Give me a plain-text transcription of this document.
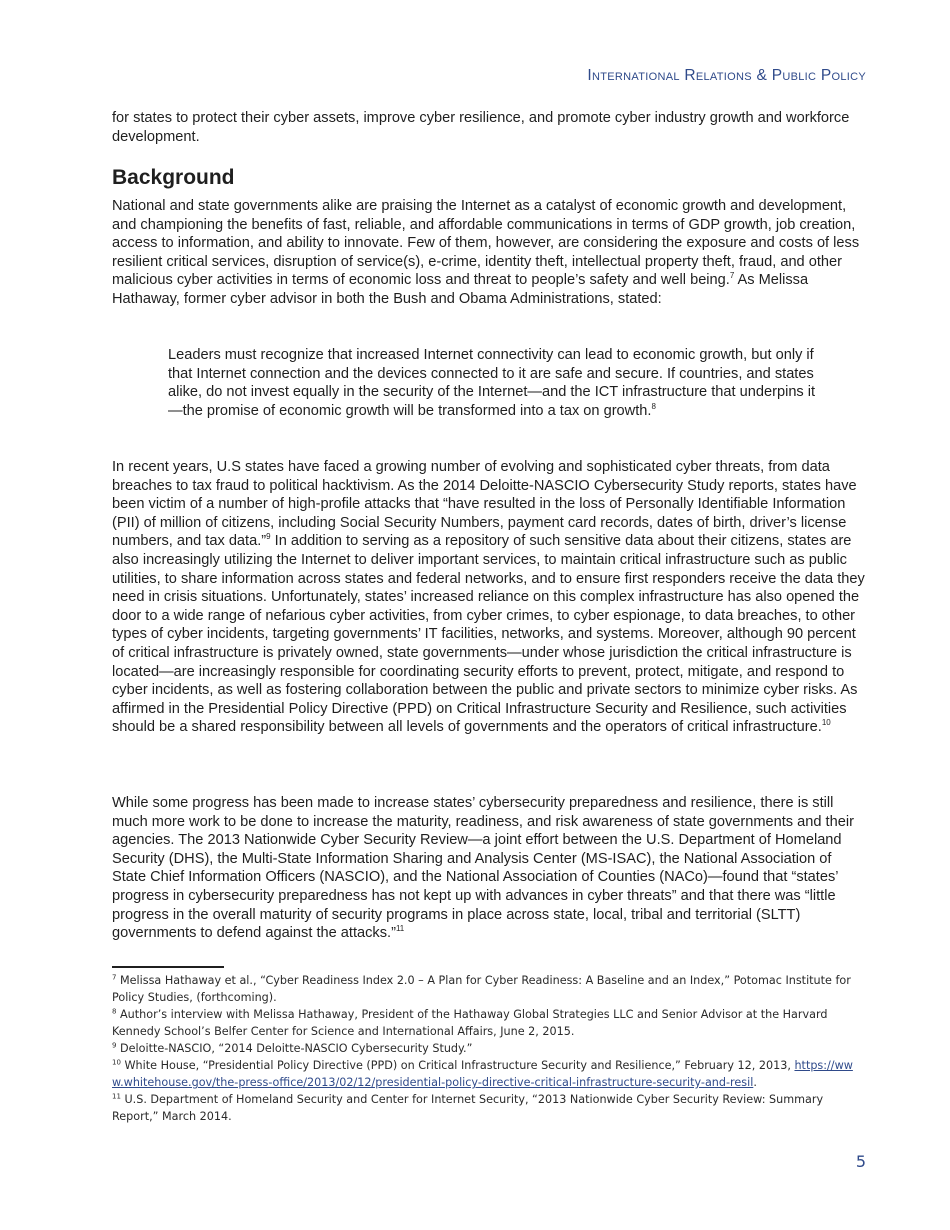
International Relations & Public Policy

for states to protect their cyber assets, improve cyber resilience, and promote cyber industry growth and workforce development.

Background

National and state governments alike are praising the Internet as a catalyst of economic growth and development, and championing the benefits of fast, reliable, and affordable communications in terms of GDP growth, job creation, access to information, and ability to innovate. Few of them, however, are considering the exposure and costs of less resilient critical services, disruption of service(s), e-crime, identity theft, intellectual property theft, fraud, and other malicious cyber activities in terms of economic loss and threat to people’s safety and well being.$^7$ As Melissa Hathaway, former cyber advisor in both the Bush and Obama Administrations, stated:

Leaders must recognize that increased Internet connectivity can lead to economic growth, but only if that Internet connection and the devices connected to it are safe and secure. If countries, and states alike, do not invest equally in the security of the Internet—and the ICT infrastructure that underpins it—the promise of economic growth will be transformed into a tax on growth.$^8$

In recent years, U.S states have faced a growing number of evolving and sophisticated cyber threats, from data breaches to tax fraud to political hacktivism. As the 2014 Deloitte-NASCIO Cybersecurity Study reports, states have been victim of a number of high-profile attacks that “have resulted in the loss of Personally Identifiable Information (PII) of million of citizens, including Social Security Numbers, payment card records, dates of birth, driver’s license numbers, and tax data.”$^9$ In addition to serving as a repository of such sensitive data about their citizens, states are also increasingly utilizing the Internet to deliver important services, to maintain critical infrastructure such as public utilities, to share information across states and federal networks, and to ensure first responders receive the data they need in crisis situations. Unfortunately, states’ increased reliance on this complex infrastructure has also opened the door to a wide range of nefarious cyber activities, from cyber crimes, to cyber espionage, to data breaches, to other types of cyber incidents, targeting governments’ IT facilities, networks, and systems. Moreover, although 90 percent of critical infrastructure is privately owned, state governments—under whose jurisdiction the critical infrastructure is located—are increasingly responsible for coordinating security efforts to prevent, protect, mitigate, and respond to cyber incidents, as well as fostering collaboration between the public and private sectors to minimize cyber risks. As affirmed in the Presidential Policy Directive (PPD) on Critical Infrastructure Security and Resilience, such activities should be a shared responsibility between all levels of governments and the operators of critical infrastructure.$^{10}$

While some progress has been made to increase states’ cybersecurity preparedness and resilience, there is still much more work to be done to increase the maturity, readiness, and risk awareness of state governments and their agencies. The 2013 Nationwide Cyber Security Review—a joint effort between the U.S. Department of Homeland Security (DHS), the Multi-State Information Sharing and Analysis Center (MS-ISAC), the National Association of State Chief Information Officers (NASCIO), and the National Association of Counties (NACo)—found that “states’ progress in cybersecurity preparedness has not kept up with advances in cyber threats” and that there was “little progress in the overall maturity of security programs in place across state, local, tribal and territorial (SLTT) governments to defend against the attacks.”$^{11}$

$^7$ Melissa Hathaway et al., “Cyber Readiness Index 2.0 – A Plan for Cyber Readiness: A Baseline and an Index,” Potomac Institute for Policy Studies, (forthcoming).

$^8$ Author’s interview with Melissa Hathaway, President of the Hathaway Global Strategies LLC and Senior Advisor at the Harvard Kennedy School’s Belfer Center for Science and International Affairs, June 2, 2015.

$^9$ Deloitte-NASCIO, “2014 Deloitte-NASCIO Cybersecurity Study.”

$^{10}$ White House, “Presidential Policy Directive (PPD) on Critical Infrastructure Security and Resilience,” February 12, 2013, https://www.whitehouse.gov/the-press-office/2013/02/12/presidential-policy-directive-critical-infrastructure-security-and-resil.

$^{11}$ U.S. Department of Homeland Security and Center for Internet Security, “2013 Nationwide Cyber Security Review: Summary Report,” March 2014.

5
